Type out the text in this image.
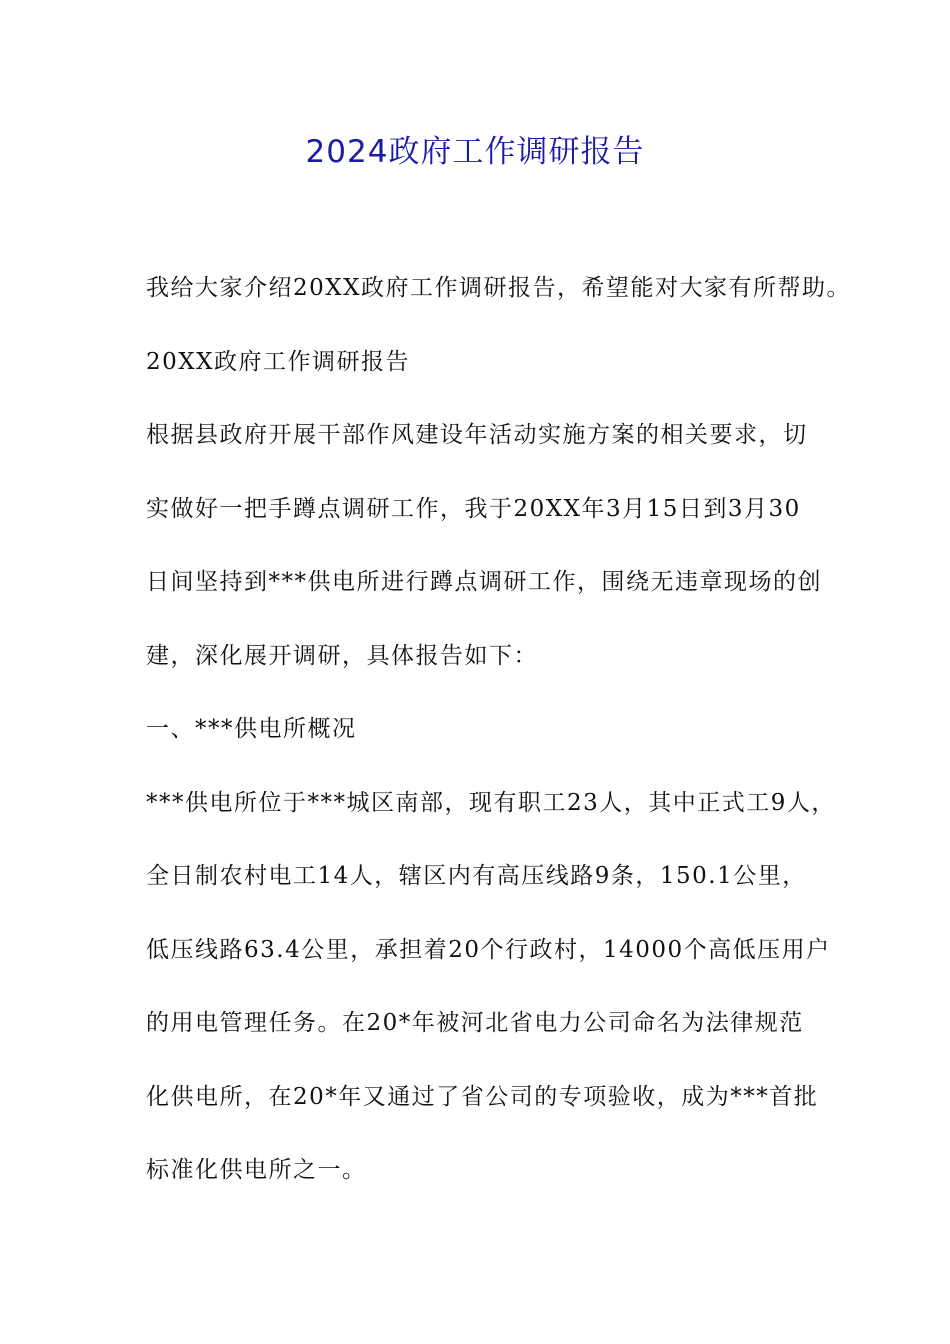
2024政府工作调研报告
我给大家介绍20XX政府工作调研报告，希望能对大家有所帮助。
20XX政府工作调研报告
根据县政府开展干部作风建设年活动实施方案的相关要求，切
实做好一把手蹲点调研工作，我于20XX年3月15日到3月30
日间坚持到***供电所进行蹲点调研工作，围绕无违章现场的创
建，深化展开调研，具体报告如下：
一、***供电所概况
***供电所位于***城区南部，现有职工23人，其中正式工9人，
全日制农村电工14人，辖区内有高压线路9条，150.1公里，
低压线路63.4公里，承担着20个行政村，14000个高低压用户
的用电管理任务。在20*年被河北省电力公司命名为法律规范
化供电所，在20*年又通过了省公司的专项验收，成为***首批
标准化供电所之一。
